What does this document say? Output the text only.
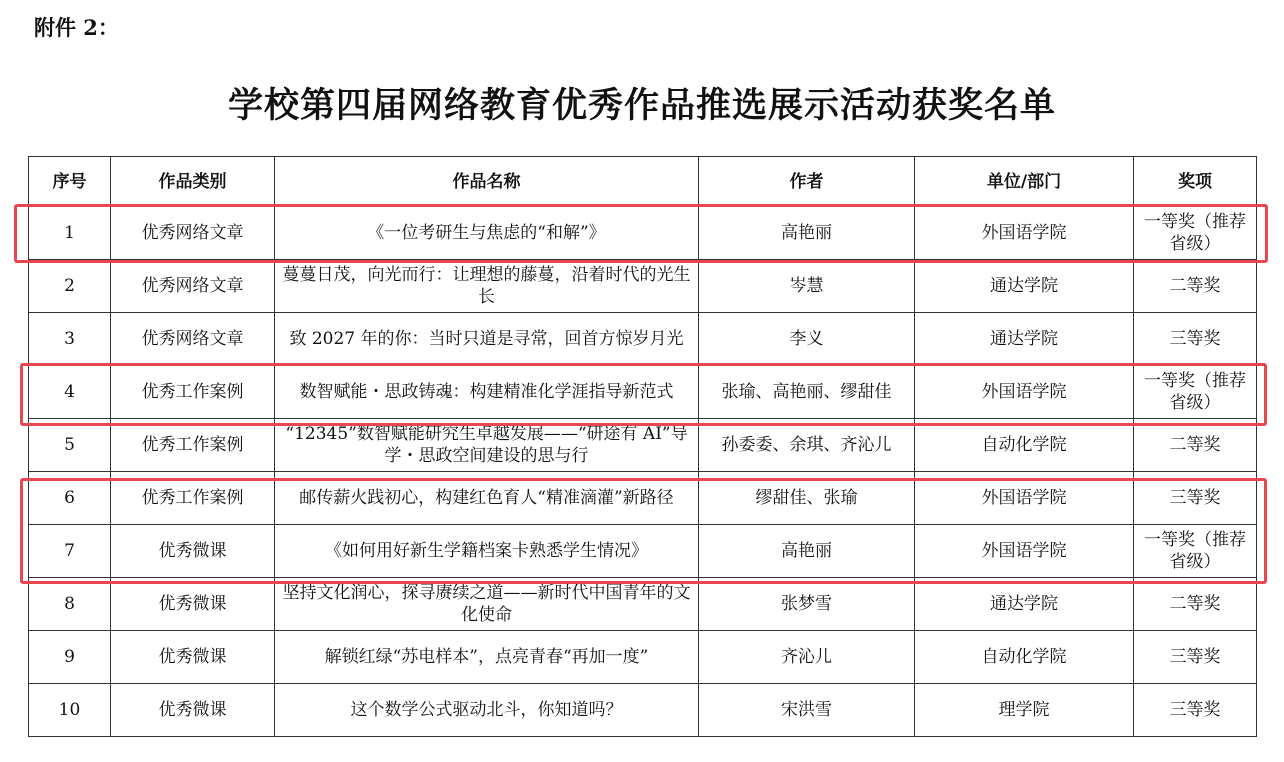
附件 2：
学校第四届网络教育优秀作品推选展示活动获奖名单
序号	作品类别	作品名称	作者	单位/部门	奖项
1	优秀网络文章	《一位考研生与焦虑的“和解”》	高艳丽	外国语学院	一等奖（推荐省级）
2	优秀网络文章	蔓蔓日茂，向光而行：让理想的藤蔓，沿着时代的光生长	岑慧	通达学院	二等奖
3	优秀网络文章	致 2027 年的你：当时只道是寻常，回首方惊岁月光	李义	通达学院	三等奖
4	优秀工作案例	数智赋能・思政铸魂：构建精准化学涯指导新范式	张瑜、高艳丽、缪甜佳	外国语学院	一等奖（推荐省级）
5	优秀工作案例	“12345”数智赋能研究生卓越发展——“研途有 AI”导学・思政空间建设的思与行	孙委委、余琪、齐沁儿	自动化学院	二等奖
6	优秀工作案例	邮传薪火践初心，构建红色育人“精准滴灌”新路径	缪甜佳、张瑜	外国语学院	三等奖
7	优秀微课	《如何用好新生学籍档案卡熟悉学生情况》	高艳丽	外国语学院	一等奖（推荐省级）
8	优秀微课	坚持文化润心，探寻赓续之道——新时代中国青年的文化使命	张梦雪	通达学院	二等奖
9	优秀微课	解锁红绿“苏电样本”，点亮青春“再加一度”	齐沁儿	自动化学院	三等奖
10	优秀微课	这个数学公式驱动北斗，你知道吗？	宋洪雪	理学院	三等奖
